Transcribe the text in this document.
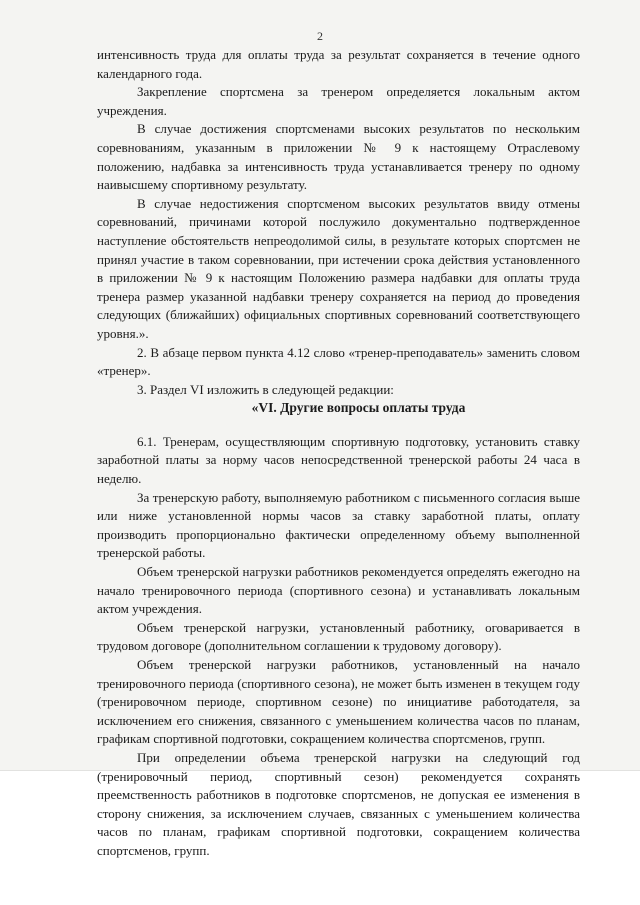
2

интенсивность труда для оплаты труда за результат сохраняется в течение одного календарного года.

Закрепление спортсмена за тренером определяется локальным актом учреждения.

В случае достижения спортсменами высоких результатов по нескольким соревнованиям, указанным в приложении № 9 к настоящему Отраслевому положению, надбавка за интенсивность труда устанавливается тренеру по одному наивысшему спортивному результату.

В случае недостижения спортсменом высоких результатов ввиду отмены соревнований, причинами которой послужило документально подтвержденное наступление обстоятельств непреодолимой силы, в результате которых спортсмен не принял участие в таком соревновании, при истечении срока действия установленного в приложении № 9 к настоящим Положению размера надбавки для оплаты труда тренера размер указанной надбавки тренеру сохраняется на период до проведения следующих (ближайших) официальных спортивных соревнований соответствующего уровня.».

2. В абзаце первом пункта 4.12 слово «тренер-преподаватель» заменить словом «тренер».

3. Раздел VI изложить в следующей редакции:

«VI. Другие вопросы оплаты труда

6.1. Тренерам, осуществляющим спортивную подготовку, установить ставку заработной платы за норму часов непосредственной тренерской работы 24 часа в неделю.

За тренерскую работу, выполняемую работником с письменного согласия выше или ниже установленной нормы часов за ставку заработной платы, оплату производить пропорционально фактически определенному объему выполненной тренерской работы.

Объем тренерской нагрузки работников рекомендуется определять ежегодно на начало тренировочного периода (спортивного сезона) и устанавливать локальным актом учреждения.

Объем тренерской нагрузки, установленный работнику, оговаривается в трудовом договоре (дополнительном соглашении к трудовому договору).

Объем тренерской нагрузки работников, установленный на начало тренировочного периода (спортивного сезона), не может быть изменен в текущем году (тренировочном периоде, спортивном сезоне) по инициативе работодателя, за исключением его снижения, связанного с уменьшением количества часов по планам, графикам спортивной подготовки, сокращением количества спортсменов, групп.

При определении объема тренерской нагрузки на следующий год (тренировочный период, спортивный сезон) рекомендуется сохранять преемственность работников в подготовке спортсменов, не допуская ее изменения в сторону снижения, за исключением случаев, связанных с уменьшением количества часов по планам, графикам спортивной подготовки, сокращением количества спортсменов, групп.
